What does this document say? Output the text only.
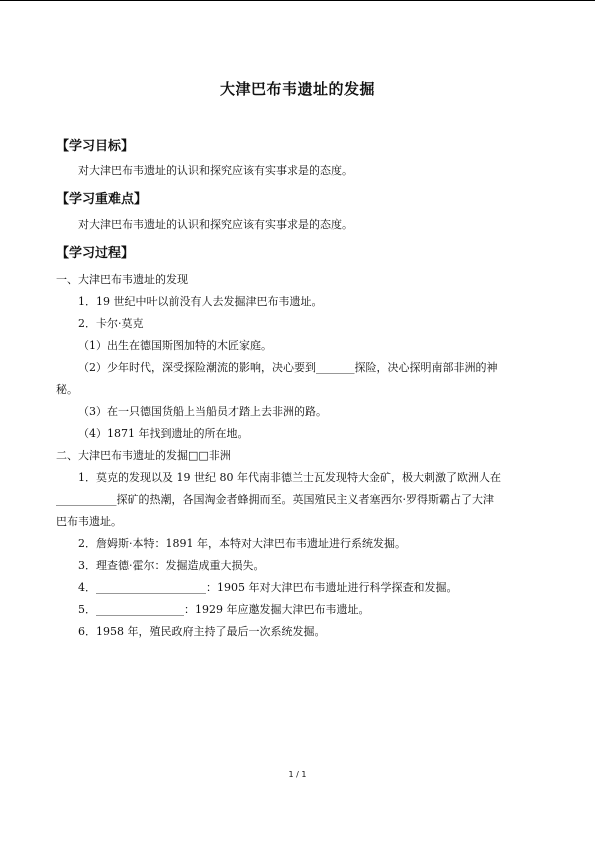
大津巴布韦遗址的发掘
【学习目标】
对大津巴布韦遗址的认识和探究应该有实事求是的态度。
【学习重难点】
对大津巴布韦遗址的认识和探究应该有实事求是的态度。
【学习过程】
一、大津巴布韦遗址的发现
1．19 世纪中叶以前没有人去发掘津巴布韦遗址。
2．卡尔·莫克
（1）出生在德国斯图加特的木匠家庭。
（2）少年时代，深受探险潮流的影响，决心要到_______探险，决心探明南部非洲的神
秘。
（3）在一只德国货船上当船员才踏上去非洲的路。
（4）1871 年找到遗址的所在地。
二、大津巴布韦遗址的发掘□□非洲
1．莫克的发现以及 19 世纪 80 年代南非德兰士瓦发现特大金矿，极大刺激了欧洲人在
___________探矿的热潮，各国淘金者蜂拥而至。英国殖民主义者塞西尔·罗得斯霸占了大津
巴布韦遗址。
2．詹姆斯·本特：1891 年，本特对大津巴布韦遗址进行系统发掘。
3．理查德·霍尔：发掘造成重大损失。
4．____________________：1905 年对大津巴布韦遗址进行科学探查和发掘。
5．________________：1929 年应邀发掘大津巴布韦遗址。
6．1958 年，殖民政府主持了最后一次系统发掘。
1 / 1
